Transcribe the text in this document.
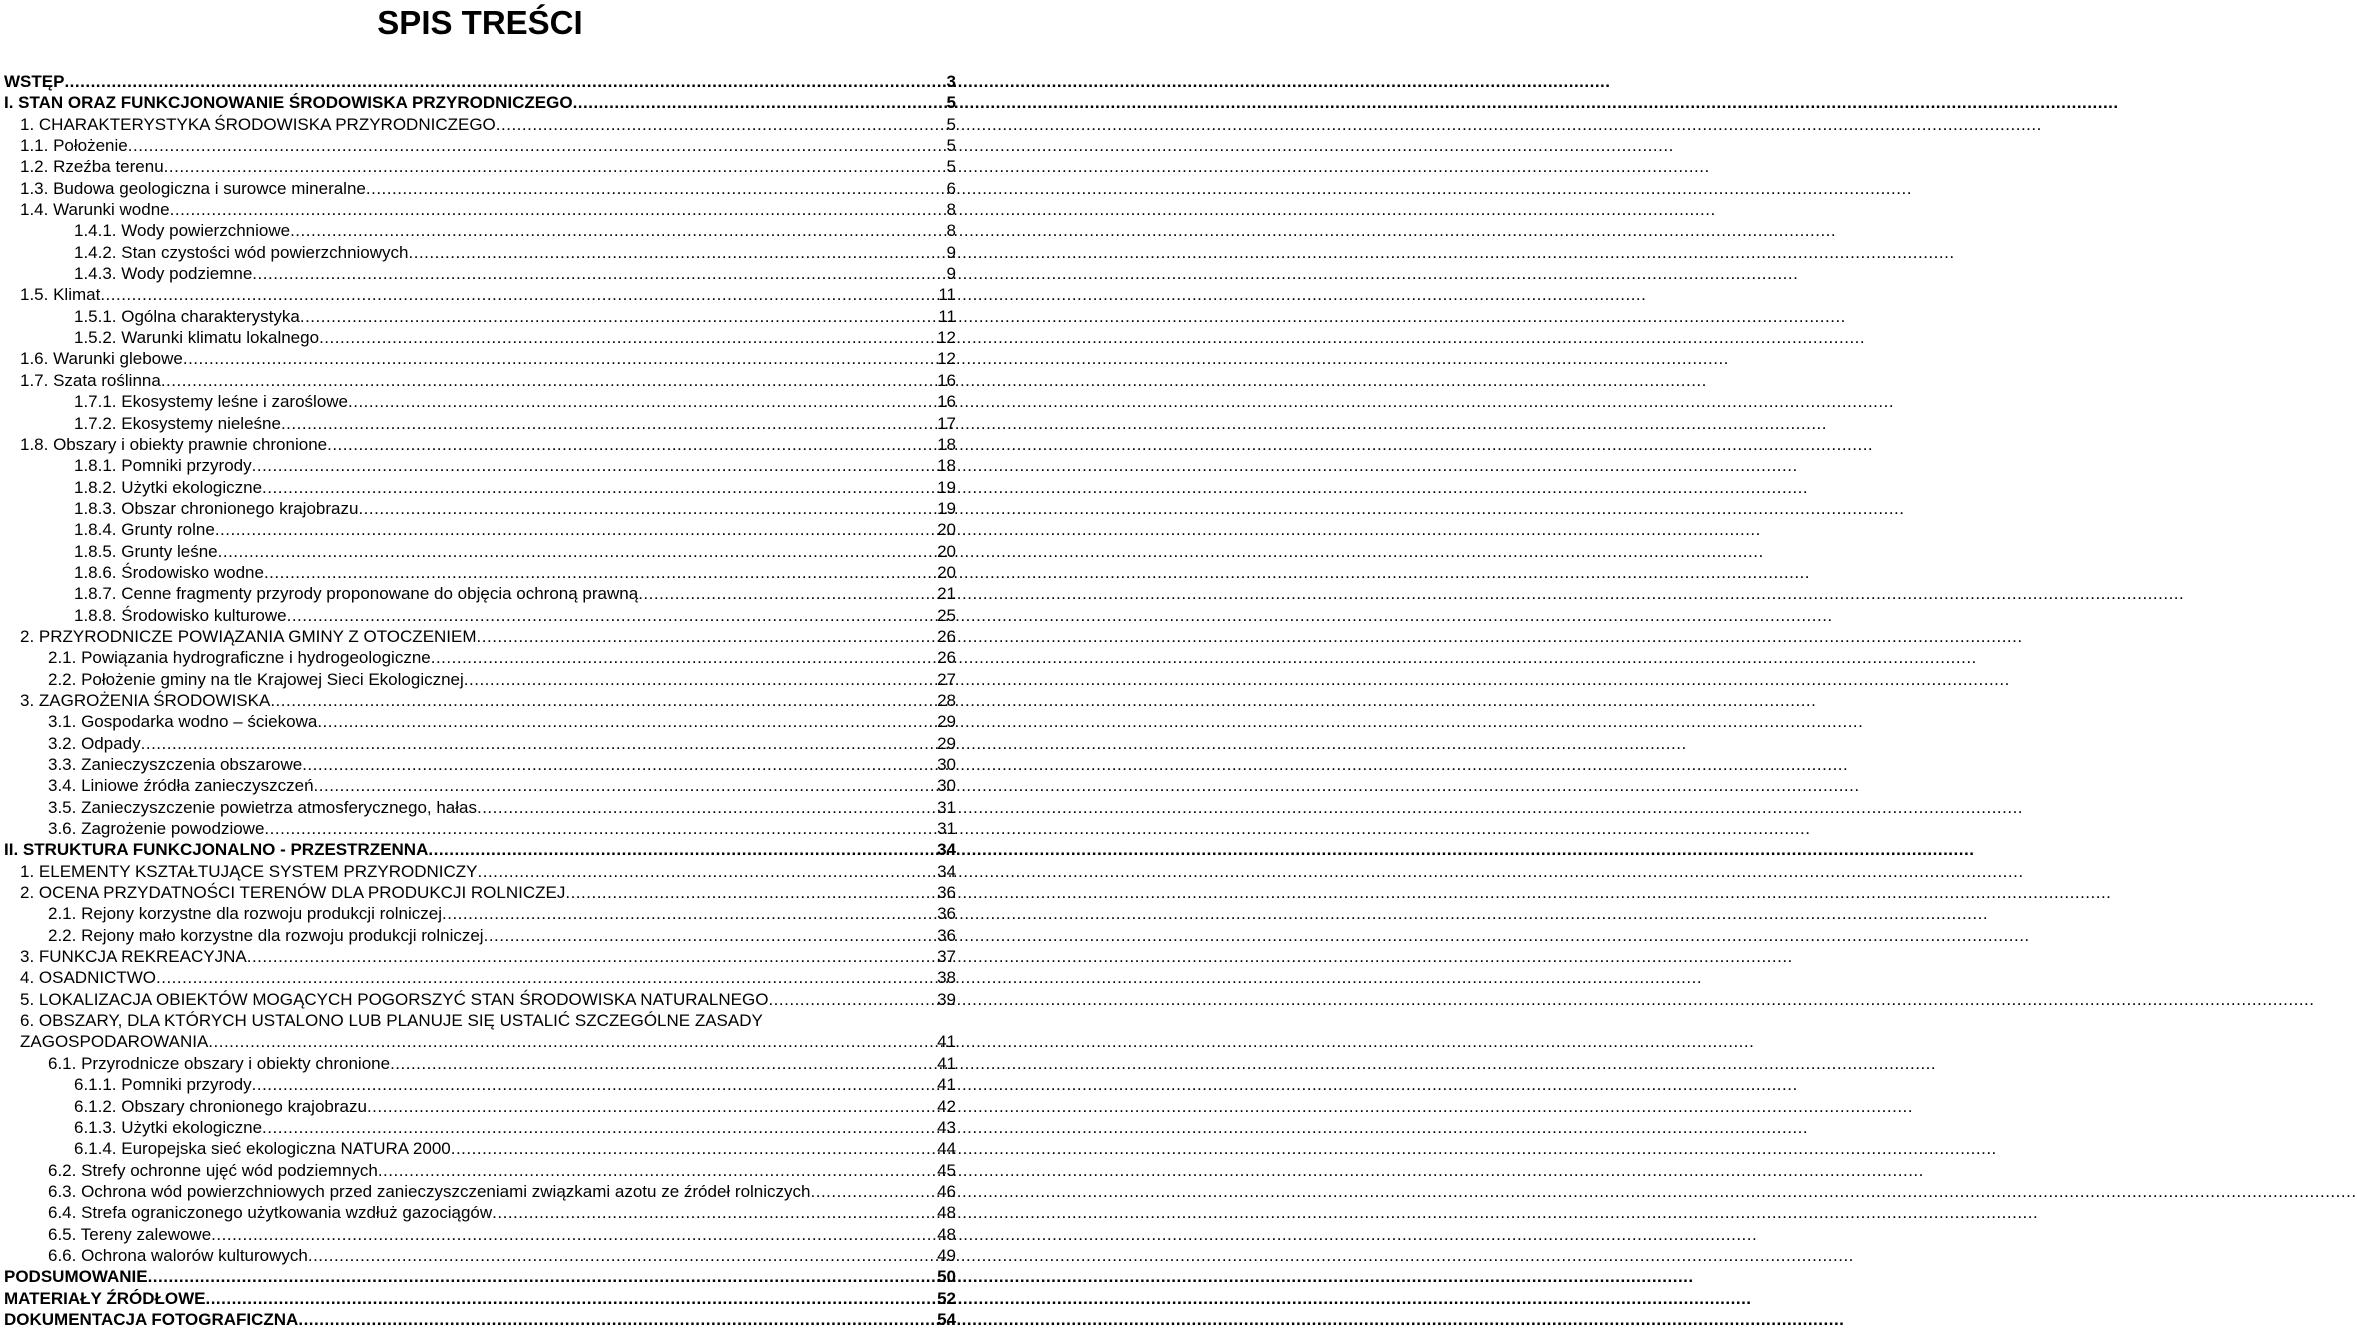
SPIS TREŚCI
WSTĘP .....	3
I. STAN ORAZ FUNKCJONOWANIE ŚRODOWISKA PRZYRODNICZEGO .....	5
1. CHARAKTERYSTYKA ŚRODOWISKA PRZYRODNICZEGO .....	5
1.1. Położenie .....	5
1.2. Rzeźba terenu .....	5
1.3. Budowa geologiczna i surowce mineralne .....	6
1.4. Warunki wodne .....	8
1.4.1. Wody powierzchniowe .....	8
1.4.2. Stan czystości wód powierzchniowych .....	9
1.4.3. Wody podziemne .....	9
1.5. Klimat .....	11
1.5.1. Ogólna charakterystyka .....	11
1.5.2. Warunki klimatu lokalnego .....	12
1.6. Warunki glebowe .....	12
1.7. Szata roślinna .....	16
1.7.1. Ekosystemy leśne i zaroślowe .....	16
1.7.2. Ekosystemy nieleśne .....	17
1.8. Obszary i obiekty prawnie chronione .....	18
1.8.1. Pomniki przyrody .....	18
1.8.2. Użytki ekologiczne .....	19
1.8.3. Obszar chronionego krajobrazu .....	19
1.8.4. Grunty rolne .....	20
1.8.5. Grunty leśne .....	20
1.8.6. Środowisko wodne .....	20
1.8.7. Cenne fragmenty przyrody proponowane do objęcia ochroną prawną .....	21
1.8.8. Środowisko kulturowe .....	25
2. PRZYRODNICZE POWIĄZANIA GMINY Z OTOCZENIEM .....	26
2.1. Powiązania hydrograficzne i hydrogeologiczne .....	26
2.2. Położenie gminy na tle Krajowej Sieci Ekologicznej .....	27
3. ZAGROŻENIA ŚRODOWISKA .....	28
3.1. Gospodarka wodno – ściekowa .....	29
3.2. Odpady .....	29
3.3. Zanieczyszczenia obszarowe .....	30
3.4. Liniowe źródła zanieczyszczeń .....	30
3.5. Zanieczyszczenie powietrza atmosferycznego, hałas .....	31
3.6. Zagrożenie powodziowe .....	31
II. STRUKTURA FUNKCJONALNO - PRZESTRZENNA .....	34
1. ELEMENTY KSZTAŁTUJĄCE SYSTEM PRZYRODNICZY .....	34
2. OCENA PRZYDATNOŚCI TERENÓW DLA PRODUKCJI ROLNICZEJ .....	36
2.1. Rejony korzystne dla rozwoju produkcji rolniczej .....	36
2.2. Rejony mało korzystne dla rozwoju produkcji rolniczej .....	36
3. FUNKCJA REKREACYJNA .....	37
4. OSADNICTWO .....	38
5. LOKALIZACJA OBIEKTÓW MOGĄCYCH POGORSZYĆ STAN ŚRODOWISKA NATURALNEGO .....	39
6. OBSZARY, DLA KTÓRYCH USTALONO LUB PLANUJE SIĘ USTALIĆ SZCZEGÓLNE ZASADY
ZAGOSPODAROWANIA .....	41
6.1. Przyrodnicze obszary i obiekty chronione .....	41
6.1.1. Pomniki przyrody .....	41
6.1.2. Obszary chronionego krajobrazu .....	42
6.1.3. Użytki ekologiczne .....	43
6.1.4. Europejska sieć ekologiczna NATURA 2000 .....	44
6.2. Strefy ochronne ujęć wód podziemnych .....	45
6.3. Ochrona wód powierzchniowych przed zanieczyszczeniami związkami azotu ze źródeł rolniczych .....	46
6.4. Strefa ograniczonego użytkowania wzdłuż gazociągów .....	48
6.5. Tereny zalewowe .....	48
6.6. Ochrona walorów kulturowych .....	49
PODSUMOWANIE .....	50
MATERIAŁY ŹRÓDŁOWE .....	52
DOKUMENTACJA FOTOGRAFICZNA .....	54
